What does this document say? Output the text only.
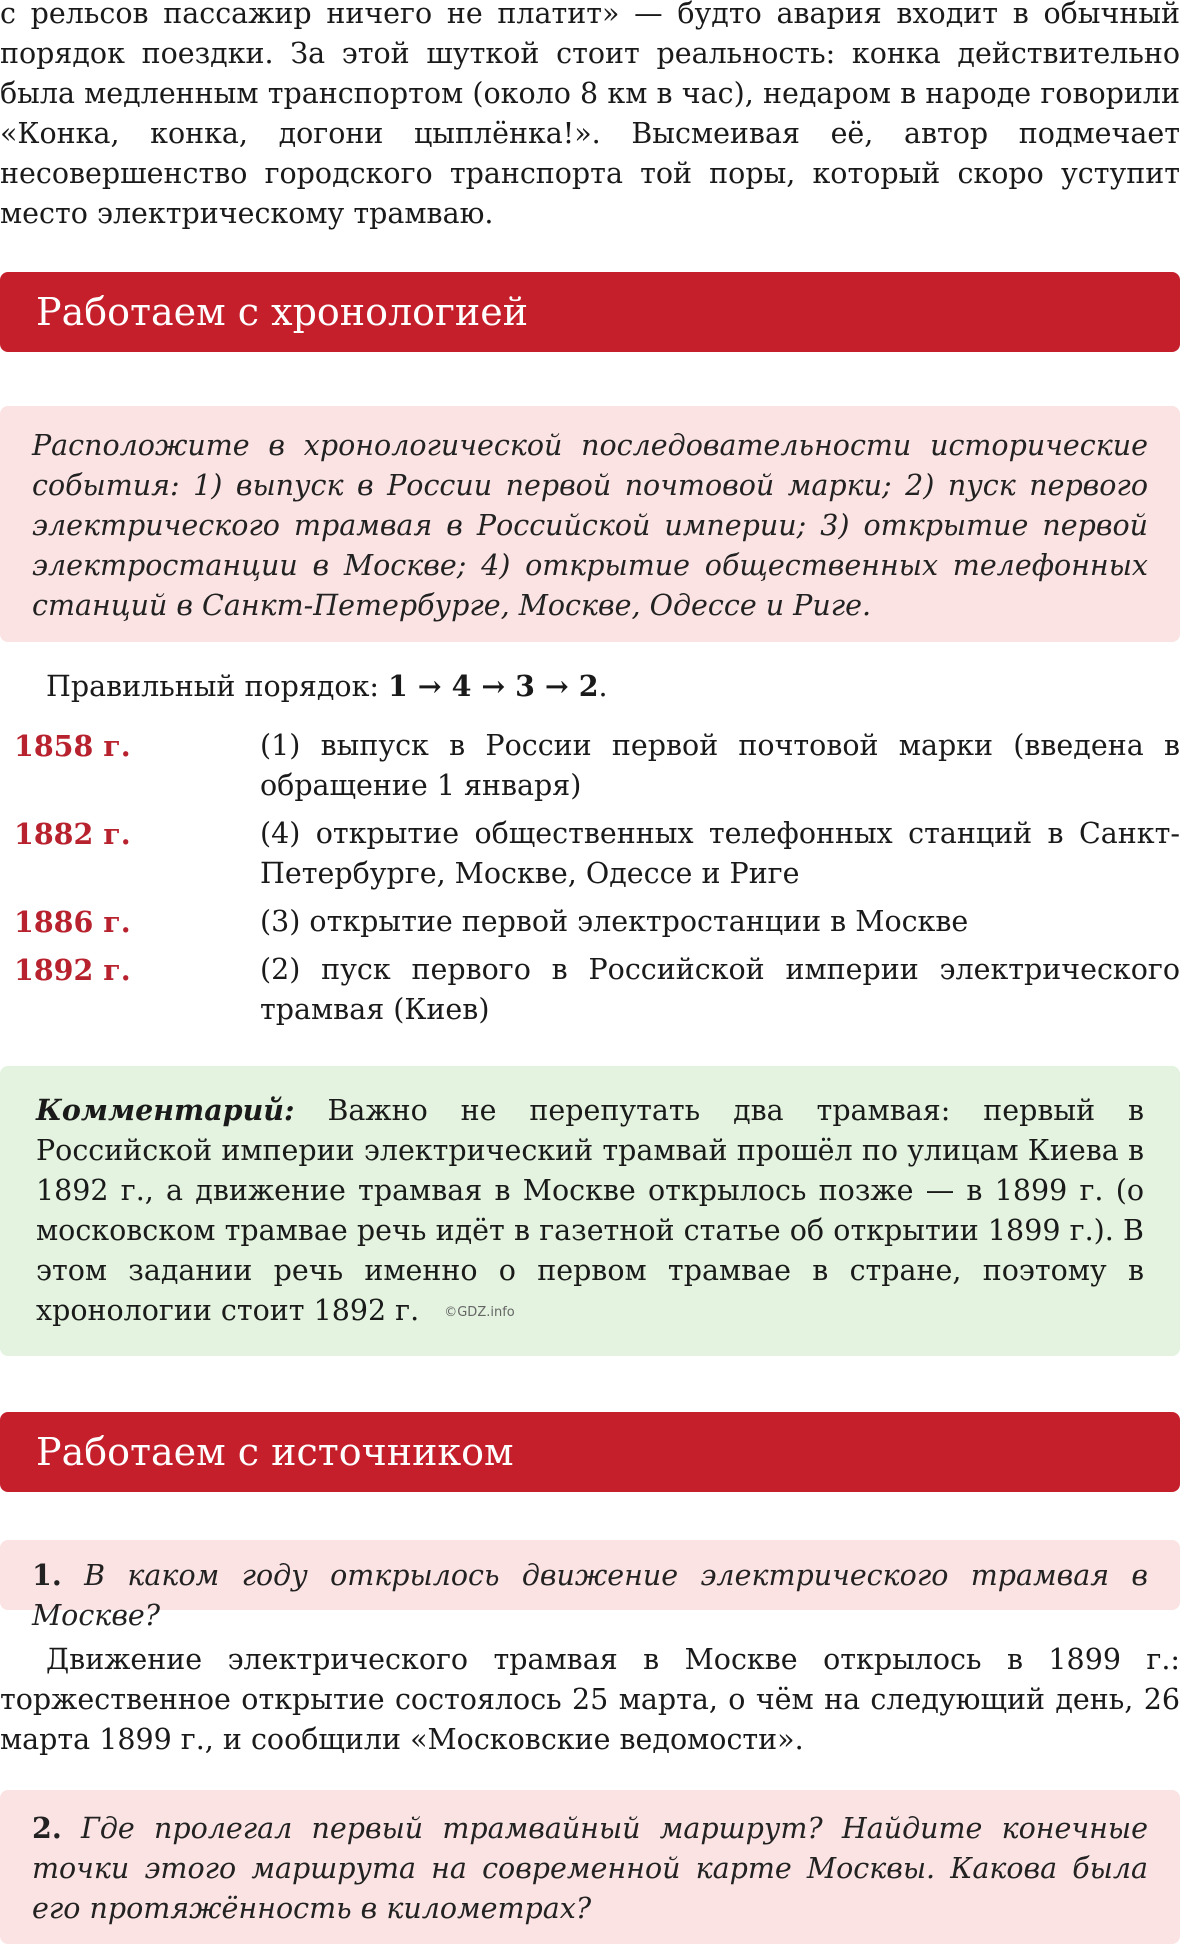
с рельсов пассажир ничего не платит» — будто авария входит в обычный порядок поездки. За этой шуткой стоит реальность: конка действительно была медленным транспортом (около 8 км в час), недаром в народе говорили «Конка, конка, догони цыплёнка!». Высмеивая её, автор подмечает несовершенство городского транспорта той поры, который скоро уступит место электрическому трамваю.

Работаем с хронологией
Расположите в хронологической последовательности исторические события: 1) выпуск в России первой почтовой марки; 2) пуск первого электрического трамвая в Российской империи; 3) открытие первой электростанции в Москве; 4) открытие общественных телефонных станций в Санкт-Петербурге, Москве, Одессе и Риге.
Правильный порядок: 1 → 4 → 3 → 2.
1858 г.	(1) выпуск в России первой почтовой марки (введена в обращение 1 января)
1882 г.	(4) открытие общественных телефонных станций в Санкт-Петербурге, Москве, Одессе и Риге
1886 г.	(3) открытие первой электростанции в Москве
1892 г.	(2) пуск первого в Российской империи электрического трамвая (Киев)
Комментарий: Важно не перепутать два трамвая: первый в Российской империи электрический трамвай прошёл по улицам Киева в 1892 г., а движение трамвая в Москве открылось позже — в 1899 г. (о московском трамвае речь идёт в газетной статье об открытии 1899 г.). В этом задании речь именно о первом трамвае в стране, поэтому в хронологии стоит 1892 г. ©GDZ.info
Работаем с источником
1. В каком году открылось движение электрического трамвая в Москве?

Движение электрического трамвая в Москве открылось в 1899 г.: торжественное открытие состоялось 25 марта, о чём на следующий день, 26 марта 1899 г., и сообщили «Московские ведомости».

2. Где пролегал первый трамвайный маршрут? Найдите конечные точки этого маршрута на современной карте Москвы. Какова была его протяжённость в километрах?
